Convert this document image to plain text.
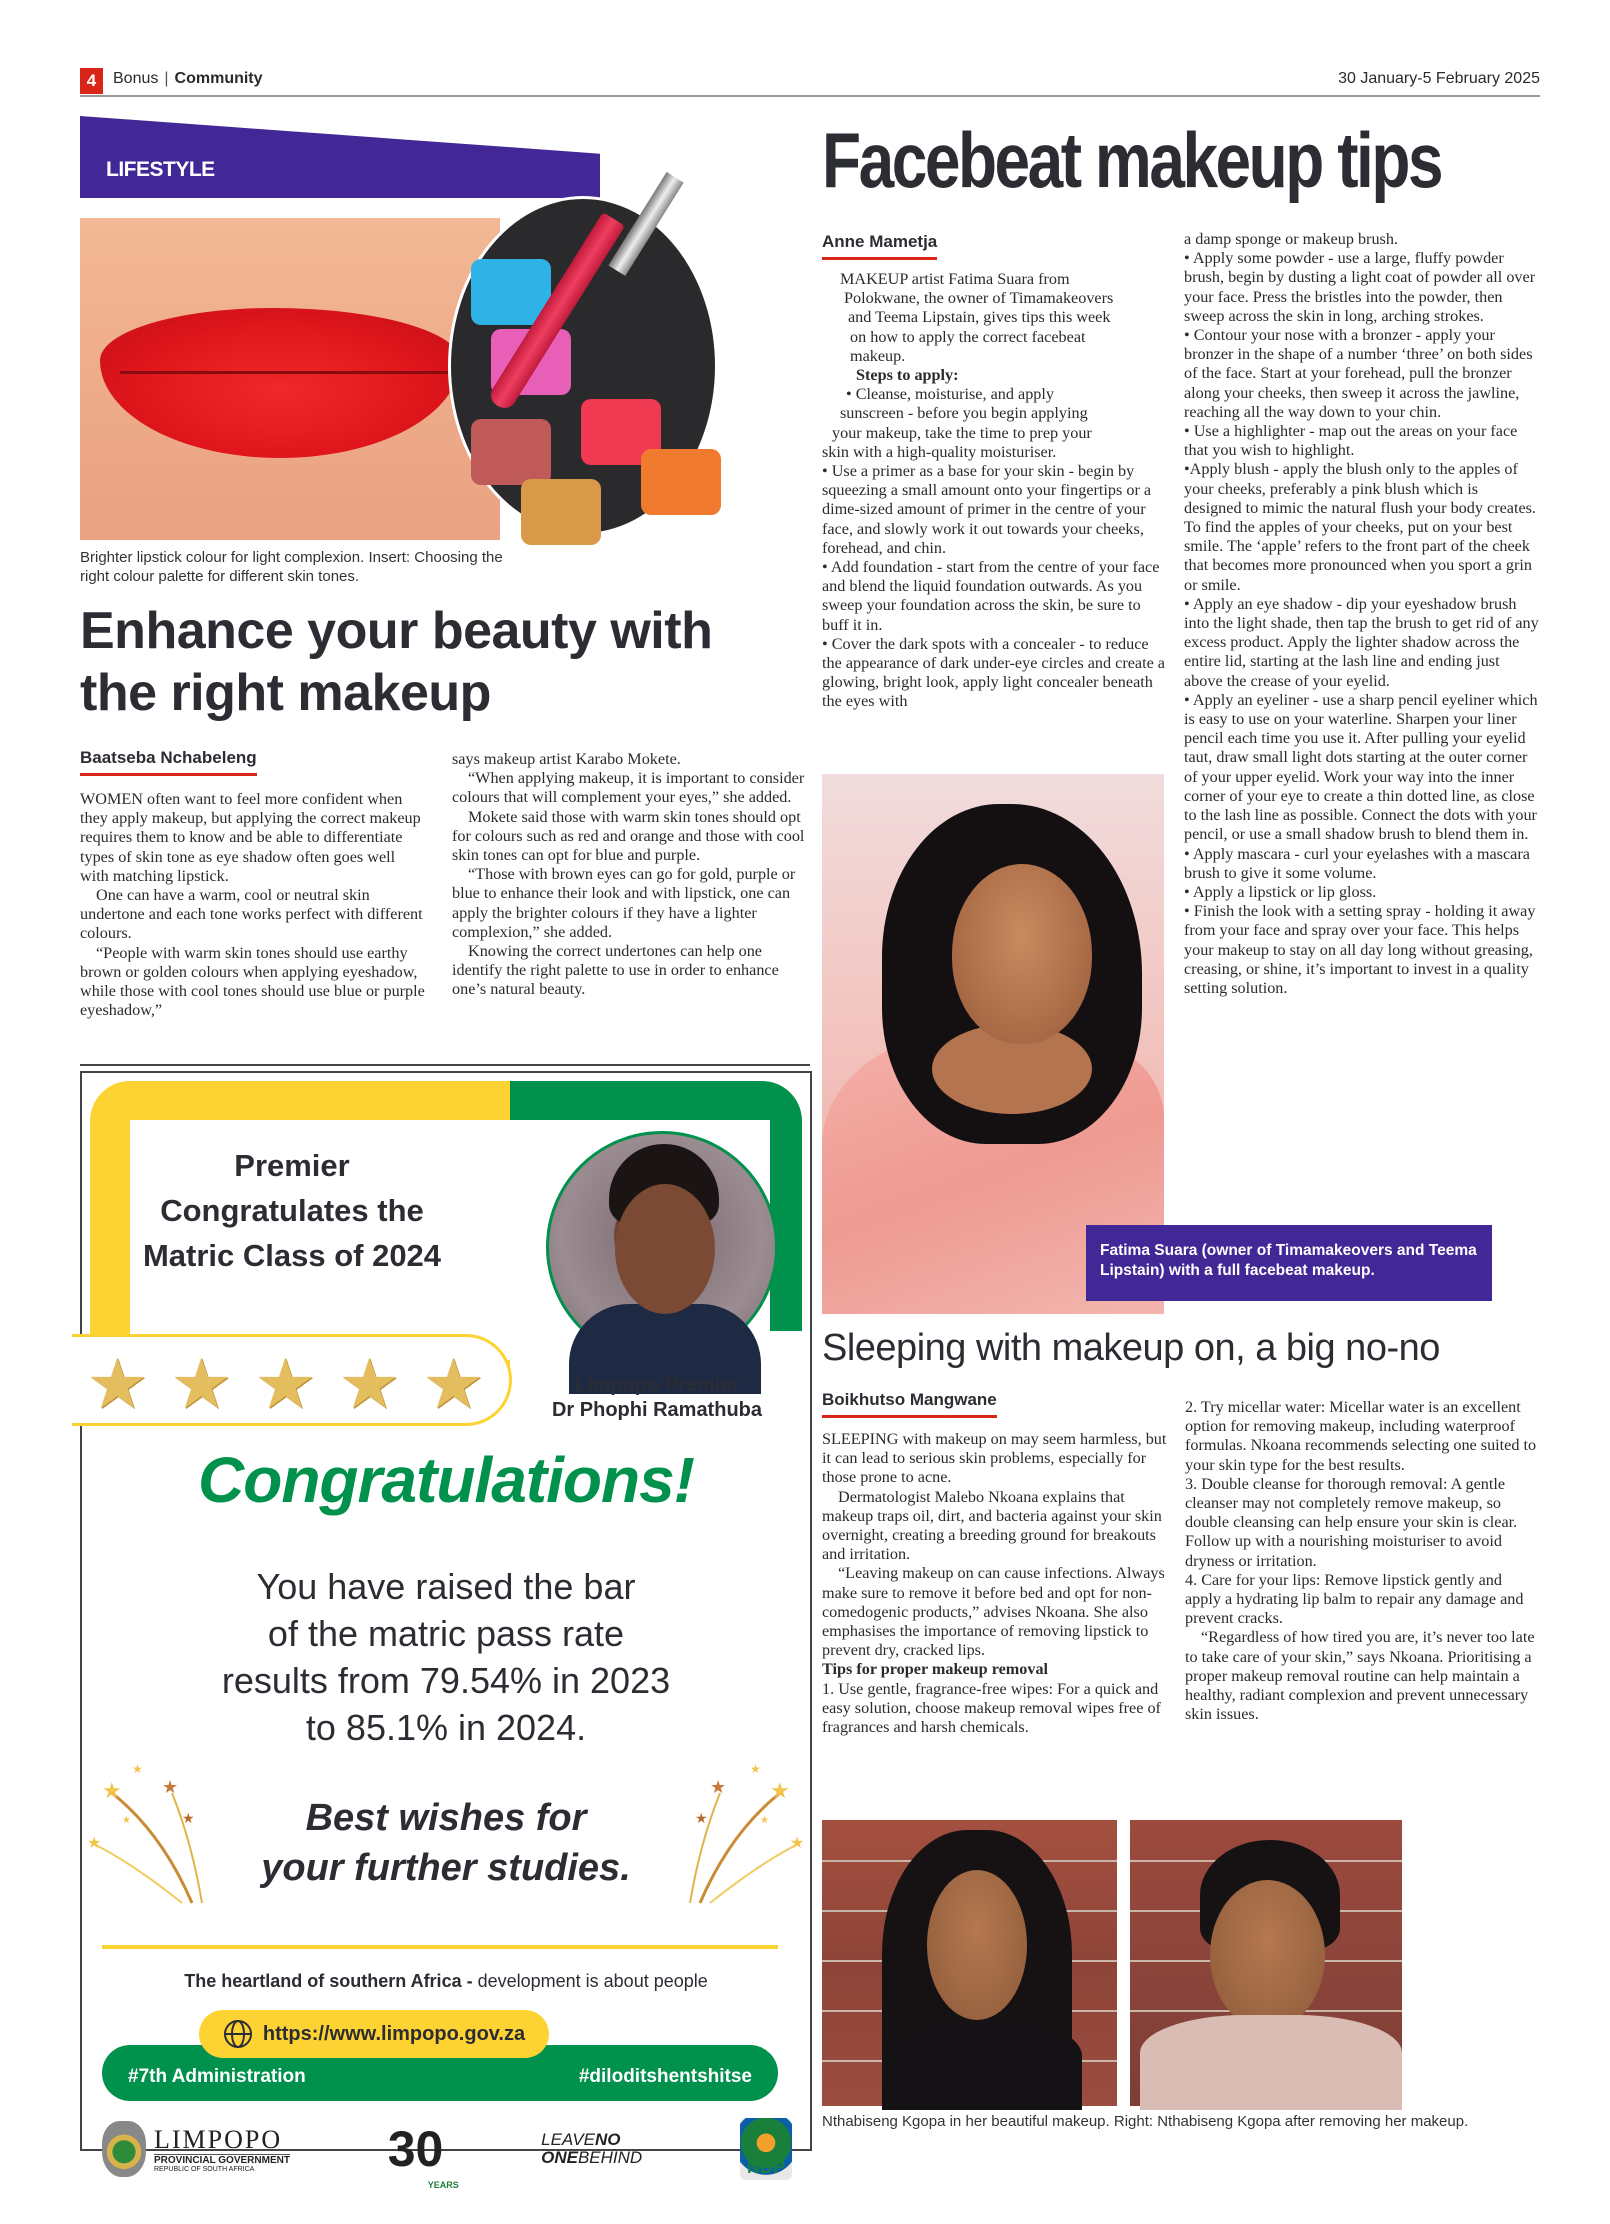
4	Bonus | Community	30 January-5 February 2025
LIFESTYLE
Brighter lipstick colour for light complexion. Insert: Choosing the right colour palette for different skin tones.
Enhance your beauty with the right makeup
Baatseba Nchabeleng

WOMEN often want to feel more confident when they apply makeup, but applying the correct makeup requires them to know and be able to differentiate types of skin tone as eye shadow often goes well with matching lipstick.

One can have a warm, cool or neutral skin undertone and each tone works perfect with different colours.

“People with warm skin tones should use earthy brown or golden colours when applying eyeshadow, while those with cool tones should use blue or purple eyeshadow,”

says makeup artist Karabo Mokete.

“When applying makeup, it is important to consider colours that will complement your eyes,” she added.

Mokete said those with warm skin tones should opt for colours such as red and orange and those with cool skin tones can opt for blue and purple.

“Those with brown eyes can go for gold, purple or blue to enhance their look and with lipstick, one can apply the brighter colours if they have a lighter complexion,” she added.

Knowing the correct undertones can help one identify the right palette to use in order to enhance one’s natural beauty.

Premier Congratulates the Matric Class of 2024
★ ★ ★ ★ ★	Limpopo Premier
Dr Phophi Ramathuba
Congratulations!
You have raised the bar
of the matric pass rate
results from 79.54% in 2023
to 85.1% in 2024.
★ ★
★
★
★
★
★
★
★
★
★	★
Best wishes for
your further studies.
The heartland of southern Africa - development is about people
https://www.limpopo.gov.za
#7th Administration	#diloditshentshitse
LIMPOPO
PROVINCIAL GOVERNMENT
REPUBLIC OF SOUTH AFRICA	30
YEARS
LEAVENO
ONEBEHIND	NDP
Facebeat makeup tips
Anne Mametja
MAKEUP artist Fatima Suara from
Polokwane, the owner of Timamakeovers
and Teema Lipstain, gives tips this week
on how to apply the correct facebeat
makeup.
Steps to apply:
• Cleanse, moisturise, and apply
sunscreen - before you begin applying
your makeup, take the time to prep your
skin with a high-quality moisturiser.

• Use a primer as a base for your skin - begin by squeezing a small amount onto your fingertips or a dime-sized amount of primer in the centre of your face, and slowly work it out towards your cheeks, forehead, and chin.

• Add foundation - start from the centre of your face and blend the liquid foundation outwards. As you sweep your foundation across the skin, be sure to buff it in.

• Cover the dark spots with a concealer - to reduce the appearance of dark under-eye circles and create a glowing, bright look, apply light concealer beneath the eyes with

a damp sponge or makeup brush.

• Apply some powder - use a large, fluffy powder brush, begin by dusting a light coat of powder all over your face. Press the bristles into the powder, then sweep across the skin in long, arching strokes.

• Contour your nose with a bronzer - apply your bronzer in the shape of a number ‘three’ on both sides of the face. Start at your forehead, pull the bronzer along your cheeks, then sweep it across the jawline, reaching all the way down to your chin.

• Use a highlighter - map out the areas on your face that you wish to highlight.

•Apply blush - apply the blush only to the apples of your cheeks, preferably a pink blush which is designed to mimic the natural flush your body creates. To find the apples of your cheeks, put on your best smile. The ‘apple’ refers to the front part of the cheek that becomes more pronounced when you sport a grin or smile.

• Apply an eye shadow - dip your eyeshadow brush into the light shade, then tap the brush to get rid of any excess product. Apply the lighter shadow across the entire lid, starting at the lash line and ending just above the crease of your eyelid.

• Apply an eyeliner - use a sharp pencil eyeliner which is easy to use on your waterline. Sharpen your liner pencil each time you use it. After pulling your eyelid taut, draw small light dots starting at the outer corner of your upper eyelid. Work your way into the inner corner of your eye to create a thin dotted line, as close to the lash line as possible. Connect the dots with your pencil, or use a small shadow brush to blend them in.

• Apply mascara - curl your eyelashes with a mascara brush to give it some volume.

• Apply a lipstick or lip gloss.

• Finish the look with a setting spray - holding it away from your face and spray over your face. This helps your makeup to stay on all day long without greasing, creasing, or shine, it’s important to invest in a quality setting solution.

Fatima Suara (owner of Timamakeovers and Teema Lipstain) with a full facebeat makeup.
Sleeping with makeup on, a big no-no
Boikhutso Mangwane

SLEEPING with makeup on may seem harmless, but it can lead to serious skin problems, especially for those prone to acne.

Dermatologist Malebo Nkoana explains that makeup traps oil, dirt, and bacteria against your skin overnight, creating a breeding ground for breakouts and irritation.

“Leaving makeup on can cause infections. Always make sure to remove it before bed and opt for non-comedogenic products,” advises Nkoana. She also emphasises the importance of removing lipstick to prevent dry, cracked lips.

Tips for proper makeup removal

1. Use gentle, fragrance-free wipes: For a quick and easy solution, choose makeup removal wipes free of fragrances and harsh chemicals.

2. Try micellar water: Micellar water is an excellent option for removing makeup, including waterproof formulas. Nkoana recommends selecting one suited to your skin type for the best results.

3. Double cleanse for thorough removal: A gentle cleanser may not completely remove makeup, so double cleansing can help ensure your skin is clear. Follow up with a nourishing moisturiser to avoid dryness or irritation.

4. Care for your lips: Remove lipstick gently and apply a hydrating lip balm to repair any damage and prevent cracks.

“Regardless of how tired you are, it’s never too late to take care of your skin,” says Nkoana. Prioritising a proper makeup removal routine can help maintain a healthy, radiant complexion and prevent unnecessary skin issues.

Nthabiseng Kgopa in her beautiful makeup. Right: Nthabiseng Kgopa after removing her makeup.
